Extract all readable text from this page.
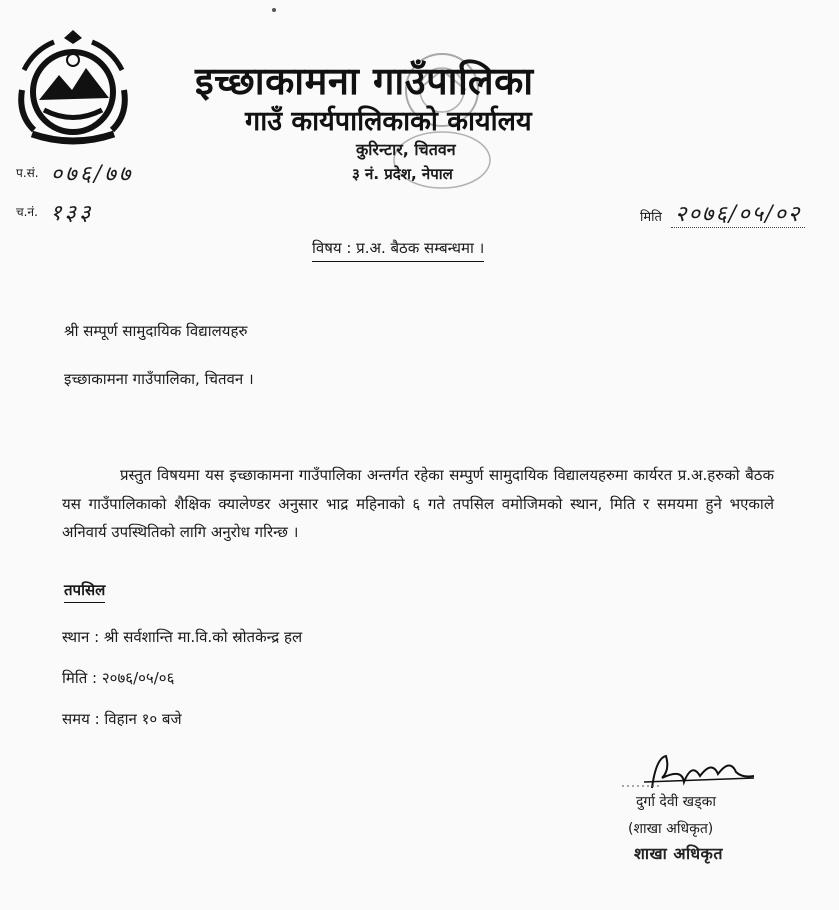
इच्छाकामना गाउँपालिका
गाउँ कार्यपालिकाको कार्यालय
कुरिन्टार, चितवन
३ नं. प्रदेश, नेपाल
प.सं. ०७६/७७
च.नं. १३३	मिति २०७६/०५/०२
विषय : प्र.अ. बैठक सम्बन्धमा ।
श्री सम्पूर्ण सामुदायिक विद्यालयहरु
इच्छाकामना गाउँपालिका, चितवन ।
प्रस्तुत विषयमा यस इच्छाकामना गाउँपालिका अन्तर्गत रहेका सम्पुर्ण सामुदायिक विद्यालयहरुमा कार्यरत प्र.अ.हरुको बैठक यस गाउँपालिकाको शैक्षिक क्यालेण्डर अनुसार भाद्र महिनाको ६ गते तपसिल वमोजिमको स्थान, मिति र समयमा हुने भएकाले अनिवार्य उपस्थितिको लागि अनुरोध गरिन्छ ।
तपसिल
स्थान : श्री सर्वशान्ति मा.वि.को स्रोतकेन्द्र हल
मिति : २०७६/०५/०६
समय : विहान १० बजे
दुर्गा देवी खड्का
(शाखा अधिकृत)
शाखा अधिकृत
